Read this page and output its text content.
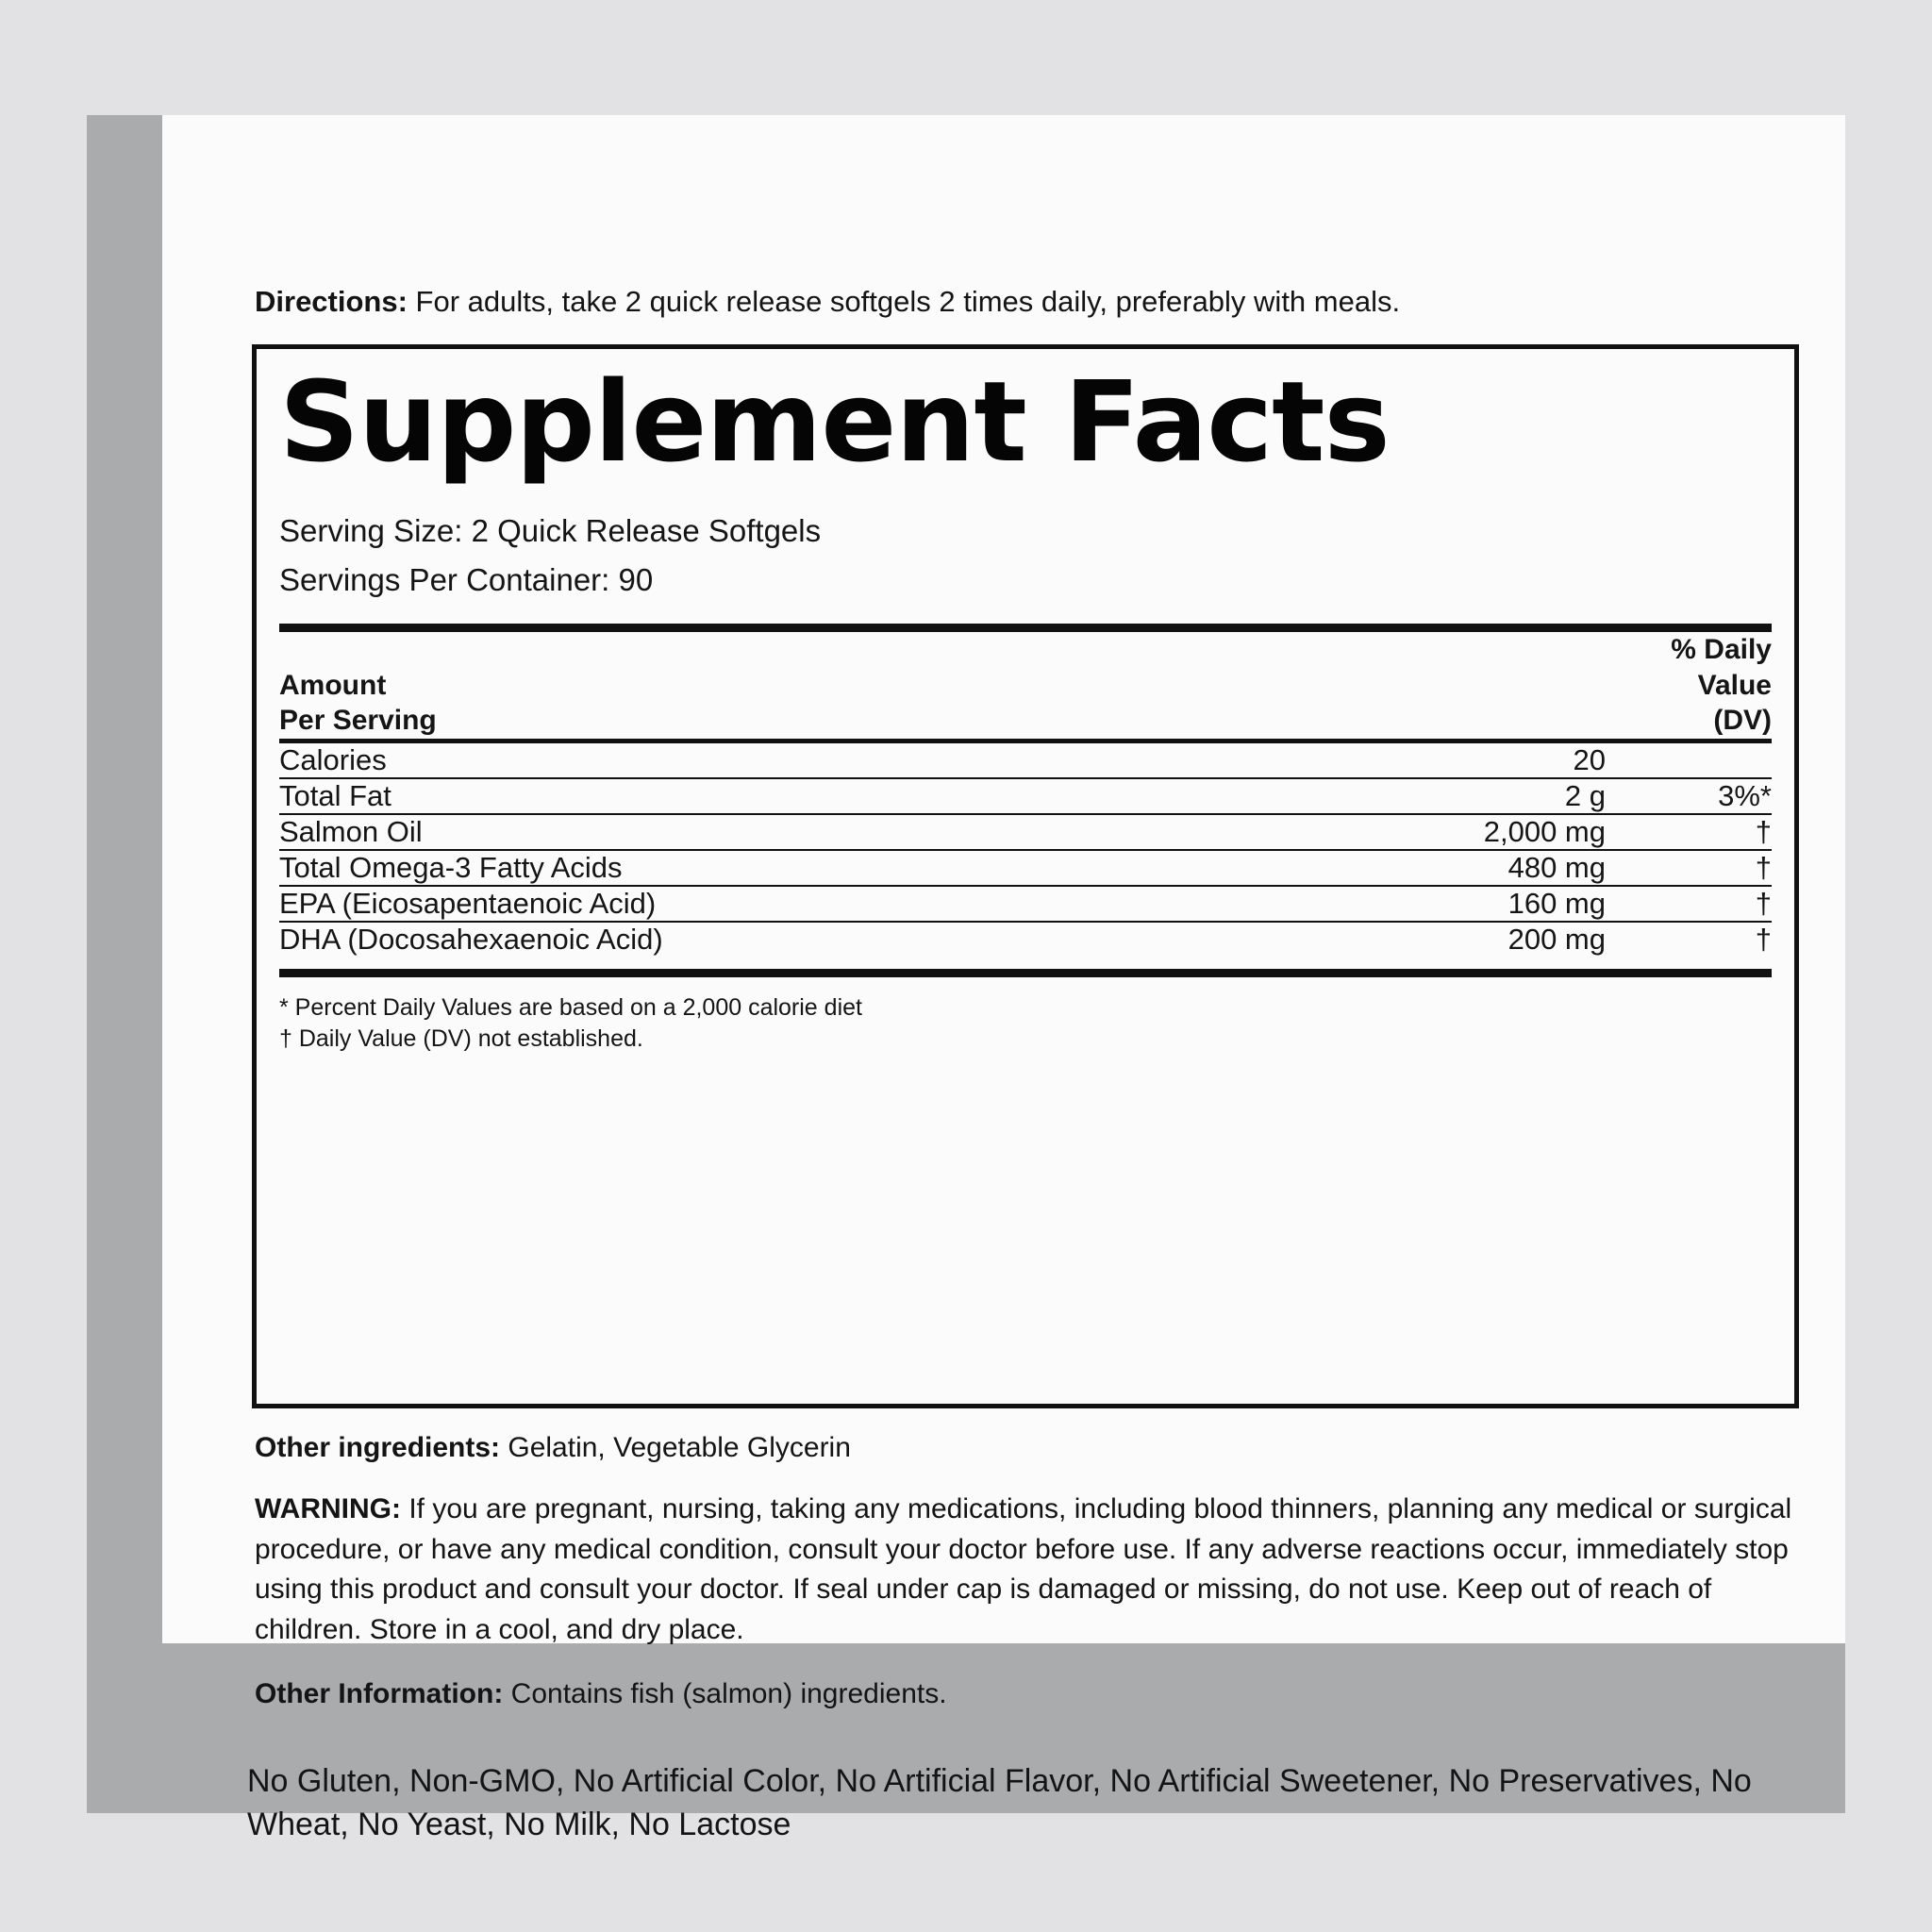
Directions: For adults, take 2 quick release softgels 2 times daily, preferably with meals.
Supplement Facts
Serving Size: 2 Quick Release Softgels
Servings Per Container: 90
Amount
Per Serving

% Daily
Value
(DV)

Calories	20	

Total Fat	2 g	3%*

Salmon Oil	2,000 mg	†

Total Omega-3 Fatty Acids	480 mg	†

EPA (Eicosapentaenoic Acid)	160 mg	†

DHA (Docosahexaenoic Acid)	200 mg	†
* Percent Daily Values are based on a 2,000 calorie diet
† Daily Value (DV) not established.
Other ingredients: Gelatin, Vegetable Glycerin
WARNING: If you are pregnant, nursing, taking any medications, including blood thinners, planning any medical or surgical procedure, or have any medical condition, consult your doctor before use. If any adverse reactions occur, immediately stop using this product and consult your doctor. If seal under cap is damaged or missing, do not use. Keep out of reach of children. Store in a cool, and dry place.
Other Information: Contains fish (salmon) ingredients.
No Gluten, Non-GMO, No Artificial Color, No Artificial Flavor, No Artificial Sweetener, No Preservatives, No Wheat, No Yeast, No Milk, No Lactose
